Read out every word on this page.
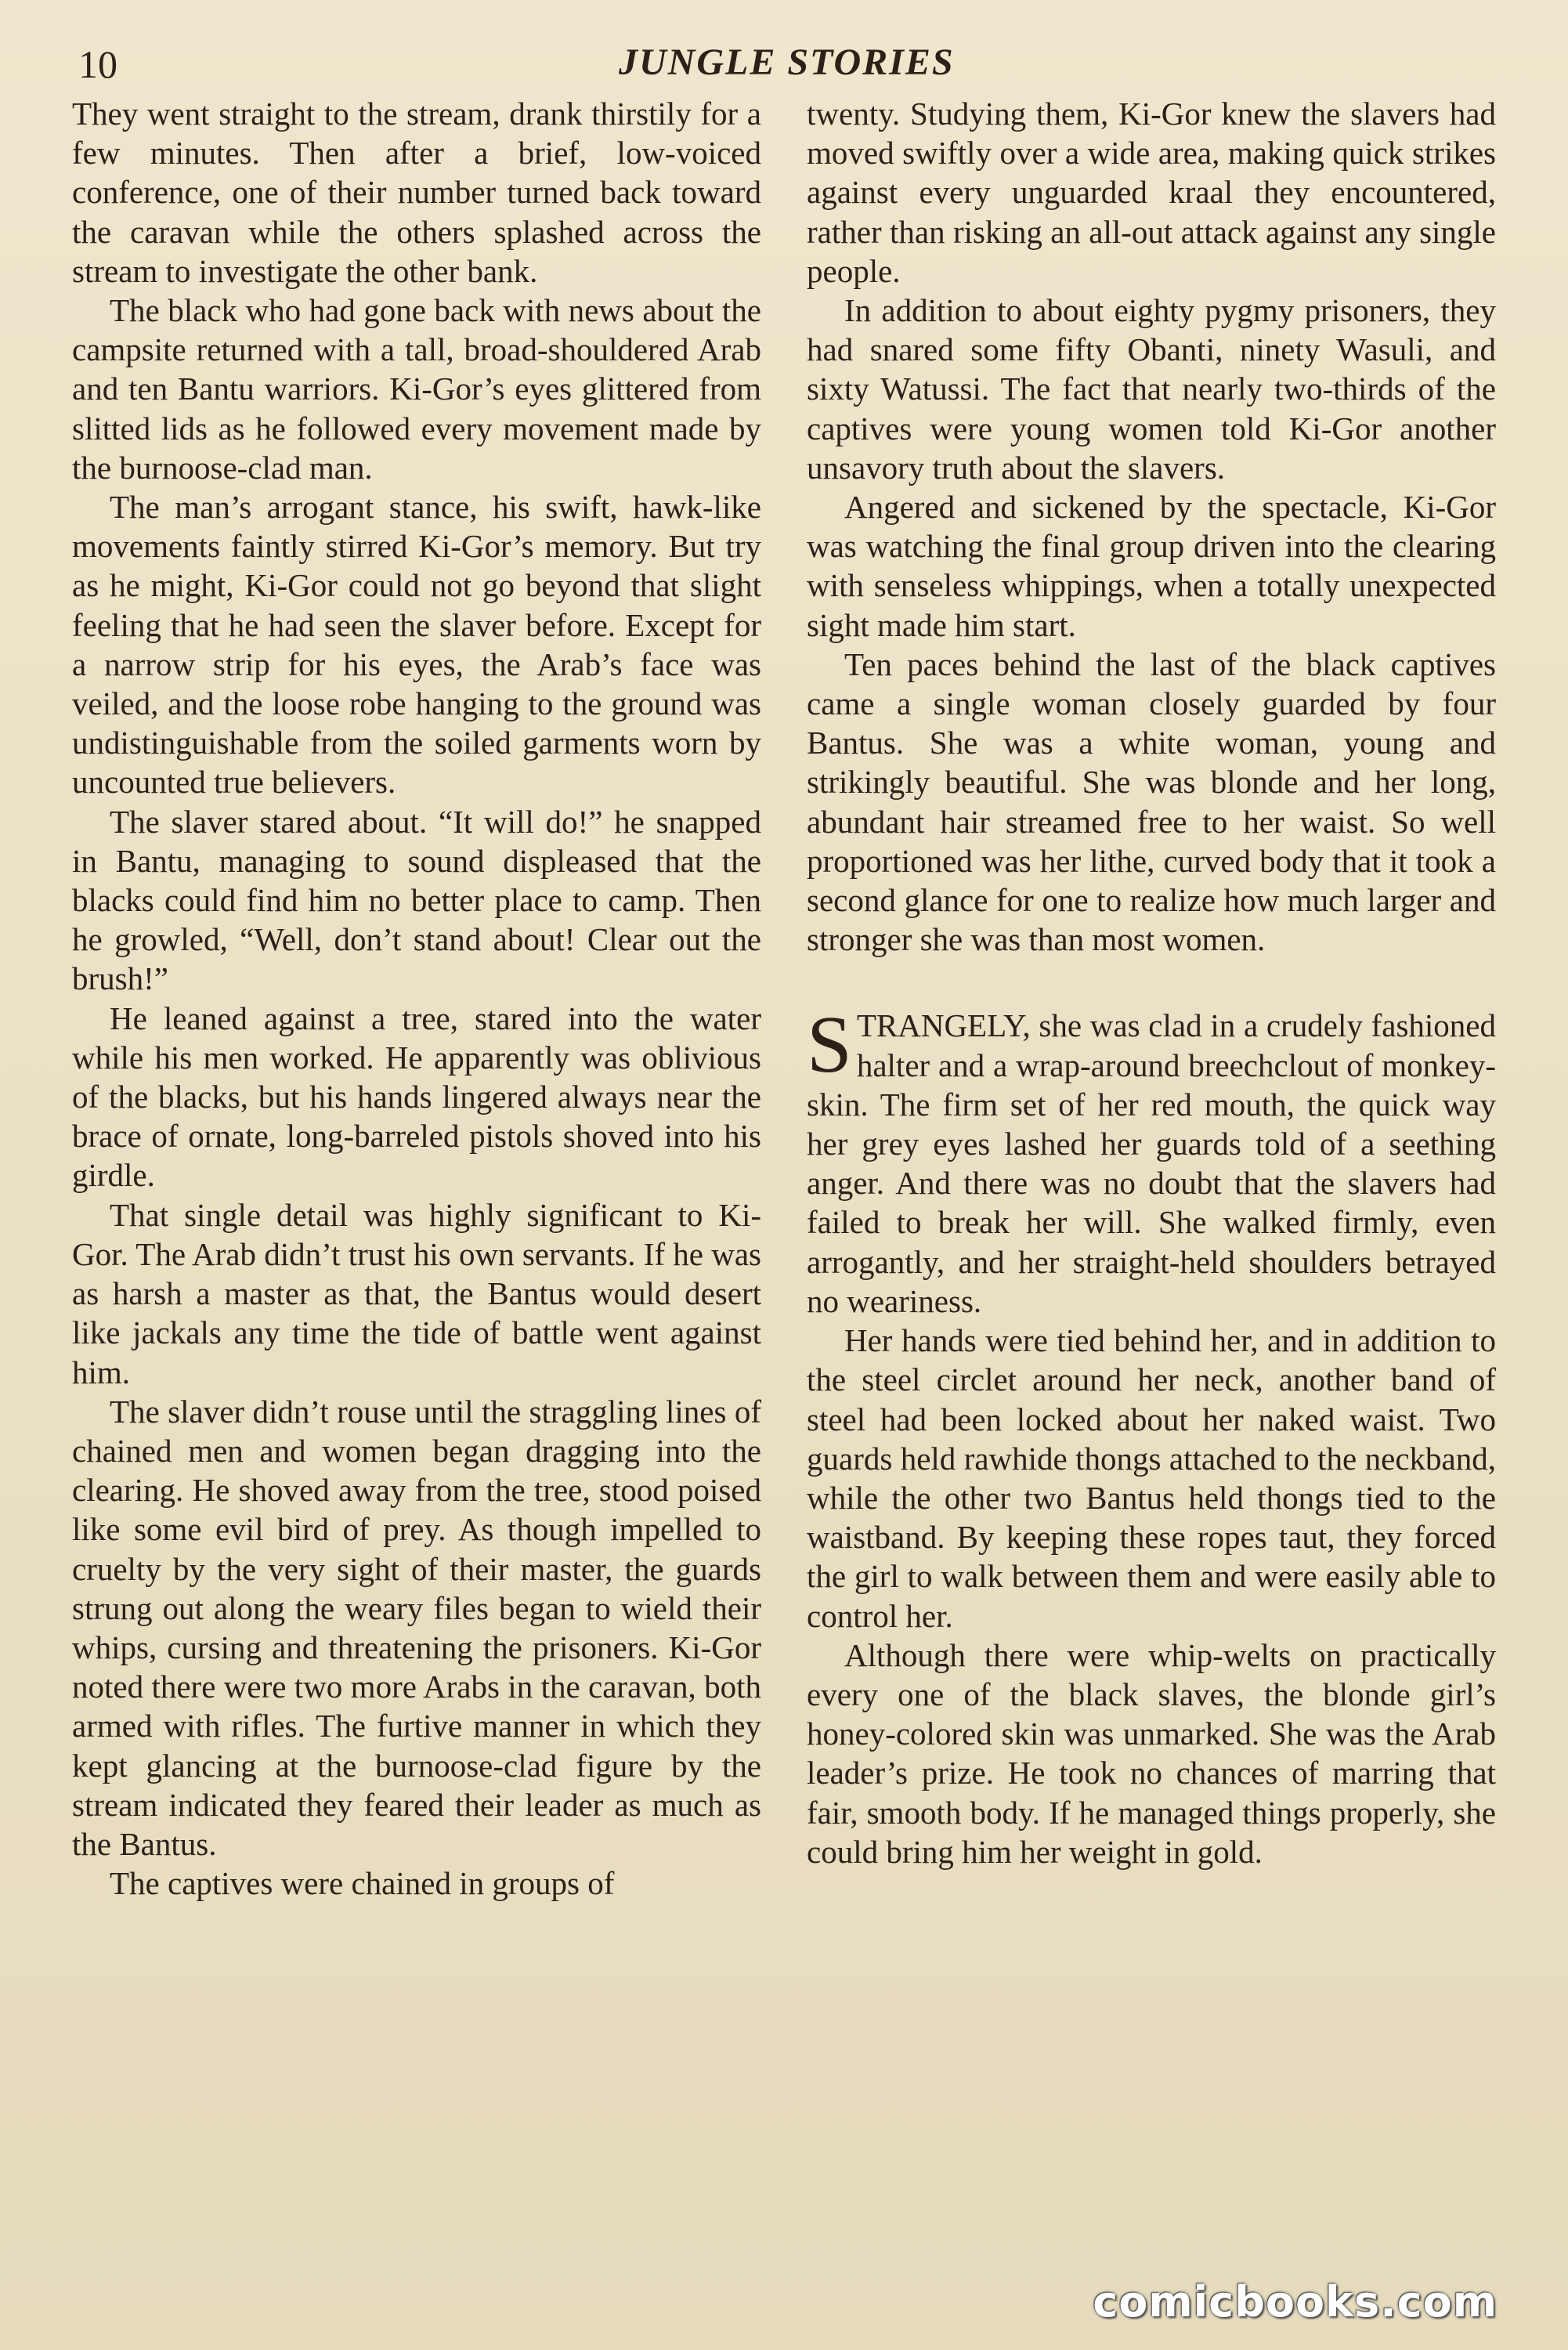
10	JUNGLE STORIES

They went straight to the stream, drank thirstily for a few minutes. Then after a brief, low-voiced conference, one of their number turned back toward the caravan while the others splashed across the stream to investigate the other bank.

The black who had gone back with news about the campsite returned with a tall, broad-shouldered Arab and ten Bantu warriors. Ki-Gor’s eyes glittered from slitted lids as he followed every movement made by the burnoose-clad man.

The man’s arrogant stance, his swift, hawk-like movements faintly stirred Ki-Gor’s memory. But try as he might, Ki-Gor could not go beyond that slight feeling that he had seen the slaver before. Except for a narrow strip for his eyes, the Arab’s face was veiled, and the loose robe hanging to the ground was undistinguishable from the soiled garments worn by uncounted true believers.

The slaver stared about. “It will do!” he snapped in Bantu, managing to sound displeased that the blacks could find him no better place to camp. Then he growled, “Well, don’t stand about! Clear out the brush!”

He leaned against a tree, stared into the water while his men worked. He apparently was oblivious of the blacks, but his hands lingered always near the brace of ornate, long-barreled pistols shoved into his girdle.

That single detail was highly significant to Ki-Gor. The Arab didn’t trust his own servants. If he was as harsh a master as that, the Bantus would desert like jackals any time the tide of battle went against him.

The slaver didn’t rouse until the straggling lines of chained men and women began dragging into the clearing. He shoved away from the tree, stood poised like some evil bird of prey. As though impelled to cruelty by the very sight of their master, the guards strung out along the weary files began to wield their whips, cursing and threatening the prisoners. Ki-Gor noted there were two more Arabs in the caravan, both armed with rifles. The furtive manner in which they kept glancing at the burnoose-clad figure by the stream indicated they feared their leader as much as the Bantus.

The captives were chained in groups of

twenty. Studying them, Ki-Gor knew the slavers had moved swiftly over a wide area, making quick strikes against every unguarded kraal they encountered, rather than risking an all-out attack against any single people.

In addition to about eighty pygmy prisoners, they had snared some fifty Obanti, ninety Wasuli, and sixty Watussi. The fact that nearly two-thirds of the captives were young women told Ki-Gor another unsavory truth about the slavers.

Angered and sickened by the spectacle, Ki-Gor was watching the final group driven into the clearing with senseless whippings, when a totally unexpected sight made him start.

Ten paces behind the last of the black captives came a single woman closely guarded by four Bantus. She was a white woman, young and strikingly beautiful. She was blonde and her long, abundant hair streamed free to her waist. So well proportioned was her lithe, curved body that it took a second glance for one to realize how much larger and stronger she was than most women.

STRANGELY, she was clad in a crudely fashioned halter and a wrap-around breechclout of monkey-skin. The firm set of her red mouth, the quick way her grey eyes lashed her guards told of a seething anger. And there was no doubt that the slavers had failed to break her will. She walked firmly, even arrogantly, and her straight-held shoulders betrayed no weariness.

Her hands were tied behind her, and in addition to the steel circlet around her neck, another band of steel had been locked about her naked waist. Two guards held rawhide thongs attached to the neckband, while the other two Bantus held thongs tied to the waistband. By keeping these ropes taut, they forced the girl to walk between them and were easily able to control her.

Although there were whip-welts on practically every one of the black slaves, the blonde girl’s honey-colored skin was unmarked. She was the Arab leader’s prize. He took no chances of marring that fair, smooth body. If he managed things properly, she could bring him her weight in gold.

comicbooks.com
